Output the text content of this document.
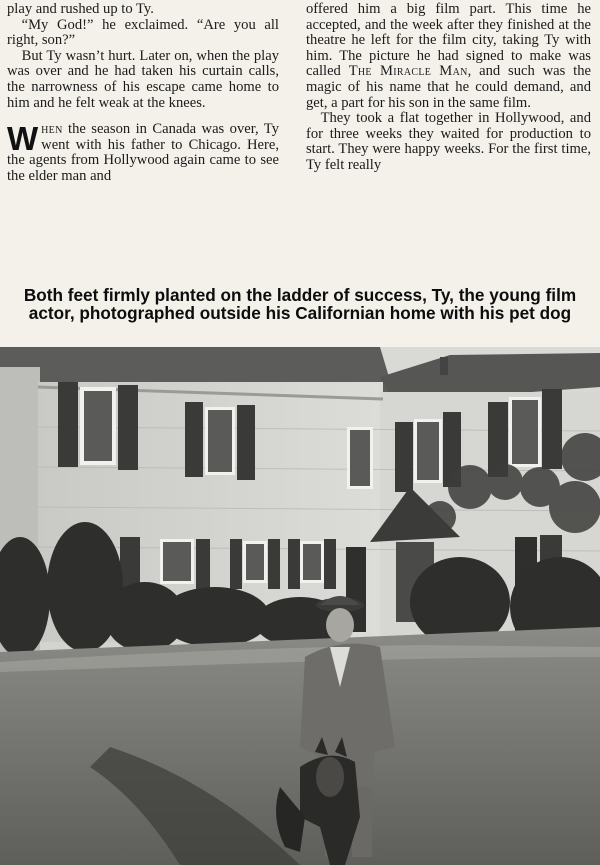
play and rushed up to Ty.

“My God!” he exclaimed. “Are you all right, son?”

But Ty wasn’t hurt. Later on, when the play was over and he had taken his curtain calls, the narrowness of his escape came home to him and he felt weak at the knees.

When the season in Canada was over, Ty went with his father to Chicago. Here, the agents from Hollywood again came to see the elder man and

offered him a big film part. This time he accepted, and the week after they finished at the theatre he left for the film city, taking Ty with him. The picture he had signed to make was called The Miracle Man, and such was the magic of his name that he could demand, and get, a part for his son in the same film.

They took a flat together in Hollywood, and for three weeks they waited for production to start. They were happy weeks. For the first time, Ty felt really

Both feet firmly planted on the ladder of success, Ty, the young film actor, photographed outside his Californian home with his pet dog
